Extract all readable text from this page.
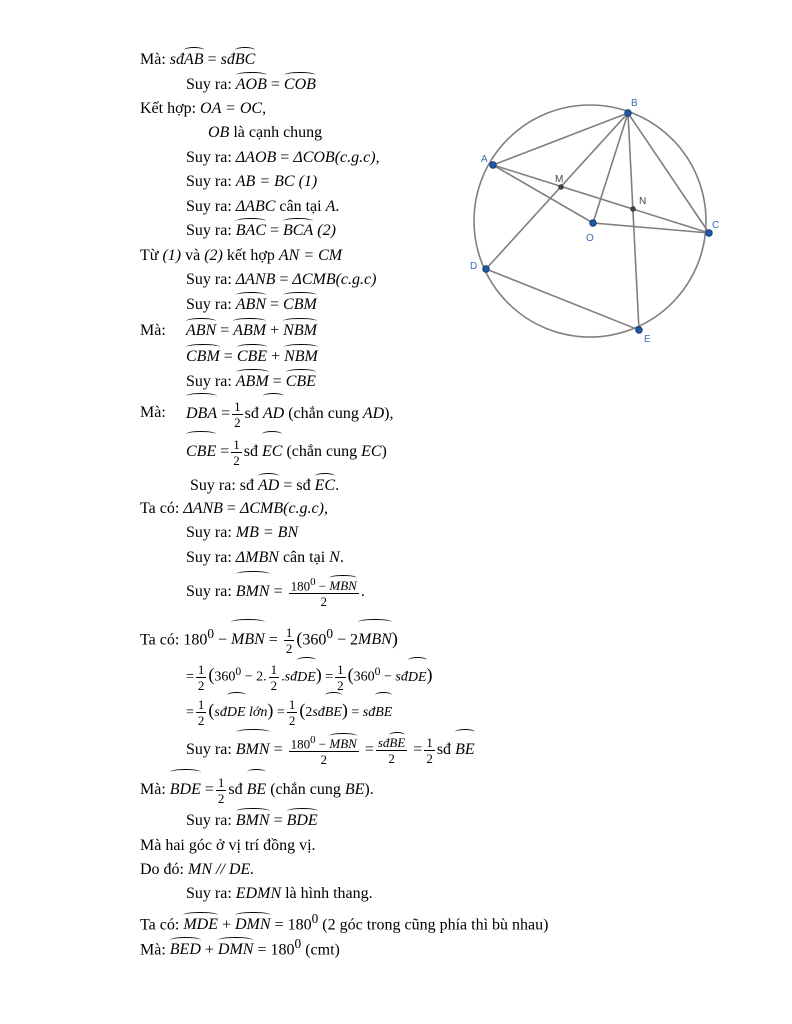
A
B
C
D
E
O
M
N
Mà: sđAB = sđBC
Suy ra: AOB = COB
Kết hợp: OA = OC,
OB là cạnh chung
Suy ra: ΔAOB = ΔCOB(c.g.c),
Suy ra: AB = BC (1)
Suy ra: ΔABC cân tại A.
Suy ra: BAC = BCA (2)
Từ (1) và (2) kết hợp AN = CM
Suy ra: ΔANB = ΔCMB(c.g.c)
Suy ra: ABN = CBM
Mà: ABN = ABM + NBM
CBM = CBE + NBM
Suy ra: ABM = CBE
Mà: DBA = $\frac{1}{2}$ sđ AD (chắn cung AD),
CBE = $\frac{1}{2}$ sđ EC (chắn cung EC)
Suy ra: sđ AD = sđ EC.
Ta có: ΔANB = ΔCMB(c.g.c),
Suy ra: MB = BN
Suy ra: ΔMBN cân tại N.
Suy ra: BMN = $\frac{180^0 - MBN}{2}$ .
Ta có: $180^0$ − MBN = $\frac{1}{2} (360^0 - 2MBN)$
= $\frac{1}{2} (360^0 - 2$. $\frac{1}{2}$ .sđDE) = $\frac{1}{2} (360^0$ − sđDE)
= $\frac{1}{2}$ (sđDE lớn) = $\frac{1}{2}$ (2sđBE) = sđBE
Suy ra: BMN = $\frac{180^0 - MBN}{2} = \frac{\text{sđBE}}{2} = \frac{1}{2}$ sđ BE
Mà: BDE = $\frac{1}{2}$ sđ BE (chắn cung BE).
Suy ra: BMN = BDE
Mà hai góc ở vị trí đồng vị.
Do đó: MN // DE.
Suy ra: EDMN là hình thang.
Ta có: MDE + DMN = $180^0$ (2 góc trong cũng phía thì bù nhau)
Mà: BED + DMN = $180^0$ (cmt)
